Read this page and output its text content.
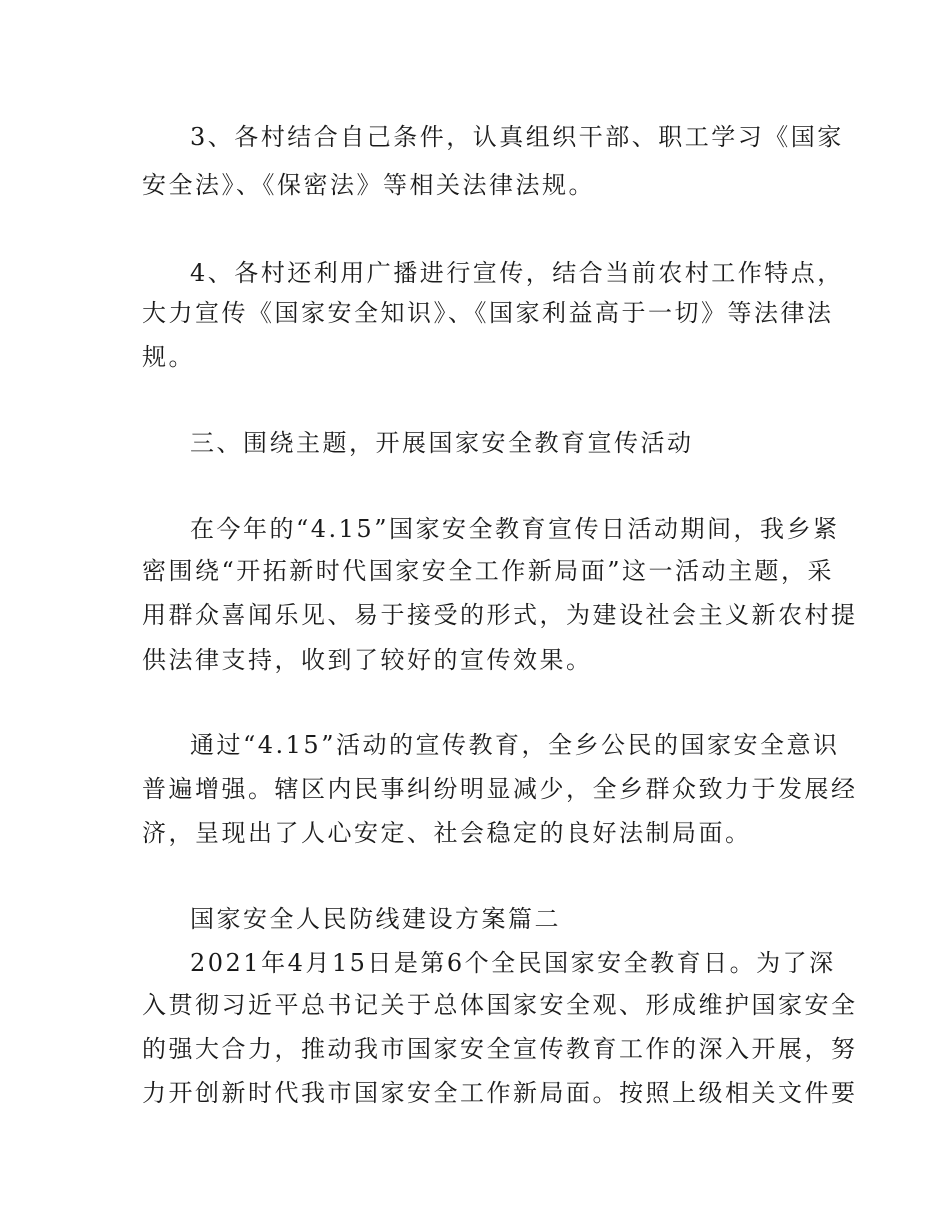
3、各村结合自己条件，认真组织干部、职工学习《国家
安全法》、《保密法》等相关法律法规。
4、各村还利用广播进行宣传，结合当前农村工作特点，
大力宣传《国家安全知识》、《国家利益高于一切》等法律法
规。
三、围绕主题，开展国家安全教育宣传活动
在今年的“4.15”国家安全教育宣传日活动期间，我乡紧
密围绕“开拓新时代国家安全工作新局面”这一活动主题，采
用群众喜闻乐见、易于接受的形式，为建设社会主义新农村提
供法律支持，收到了较好的宣传效果。
通过“4.15”活动的宣传教育，全乡公民的国家安全意识
普遍增强。辖区内民事纠纷明显减少，全乡群众致力于发展经
济，呈现出了人心安定、社会稳定的良好法制局面。
国家安全人民防线建设方案篇二
2021年4月15日是第6个全民国家安全教育日。为了深
入贯彻习近平总书记关于总体国家安全观、形成维护国家安全
的强大合力，推动我市国家安全宣传教育工作的深入开展，努
力开创新时代我市国家安全工作新局面。按照上级相关文件要
